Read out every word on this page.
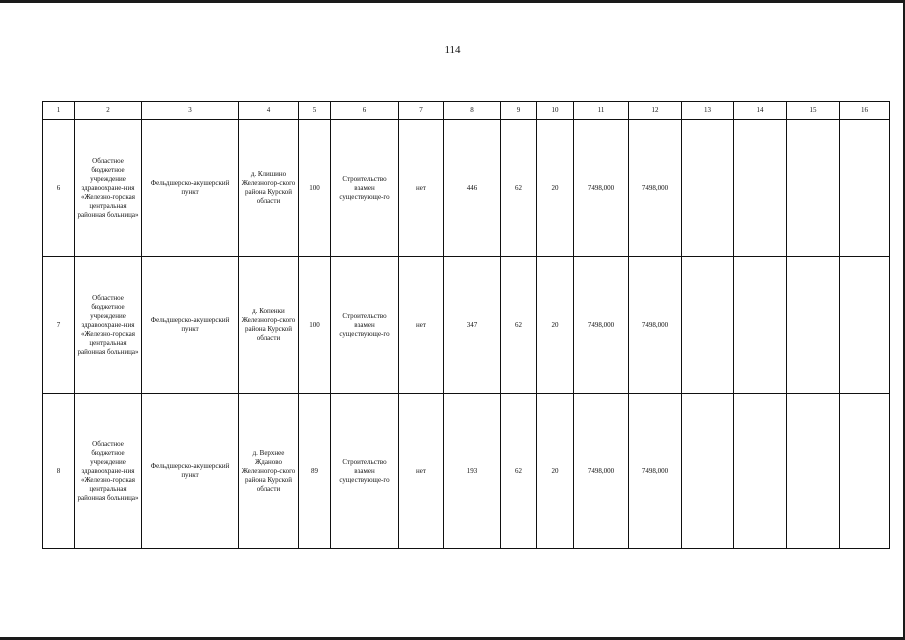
114
1	2	3	4	5	6	7	8	9	10	11	12	13	14	15	16
6	Областное бюджетное учреждение здравоохране-ния «Железно-горская центральная районная больница»	Фельдшерско-акушерский пункт	д. Клишино Железногор-ского района Курской области	100	Строительство взамен существующе-го	нет	446	62	20	7498,000	7498,000				
7	Областное бюджетное учреждение здравоохране-ния «Железно-горская центральная районная больница»	Фельдшерско-акушерский пункт	д. Копенки Железногор-ского района Курской области	100	Строительство взамен существующе-го	нет	347	62	20	7498,000	7498,000				
8	Областное бюджетное учреждение здравоохране-ния «Железно-горская центральная районная больница»	Фельдшерско-акушерский пункт	д. Верхнее Жданово Железногор-ского района Курской области	89	Строительство взамен существующе-го	нет	193	62	20	7498,000	7498,000				
